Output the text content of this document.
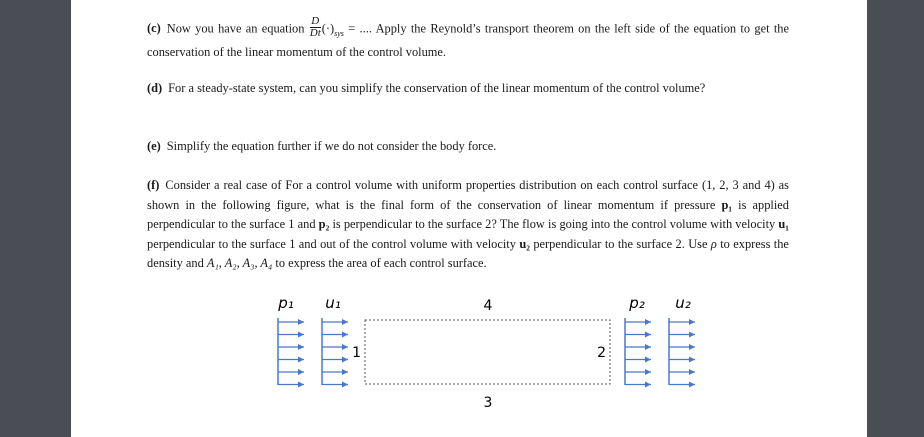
(c) Now you have an equation $\frac{D}{Dt} (\cdot)_{sys}$ = .... Apply the Reynold’s transport theorem on the left side of the equation to get the conservation of the linear momentum of the control volume.
(d) For a steady-state system, can you simplify the conservation of the linear momentum of the control volume?
(e) Simplify the equation further if we do not consider the body force.
(f) Consider a real case of For a control volume with uniform properties distribution on each control surface (1, 2, 3 and 4) as shown in the following figure, what is the final form of the conservation of linear momentum if pressure p₁ is applied perpendicular to the surface 1 and p₂ is perpendicular to the surface 2? The flow is going into the control volume with velocity u₁ perpendicular to the surface 1 and out of the control volume with velocity u₂ perpendicular to the surface 2. Use ρ to express the density and A₁, A₂, A₃, A₄ to express the area of each control surface.
p₁ u₁	4	p₂ u₂
1	2
3
